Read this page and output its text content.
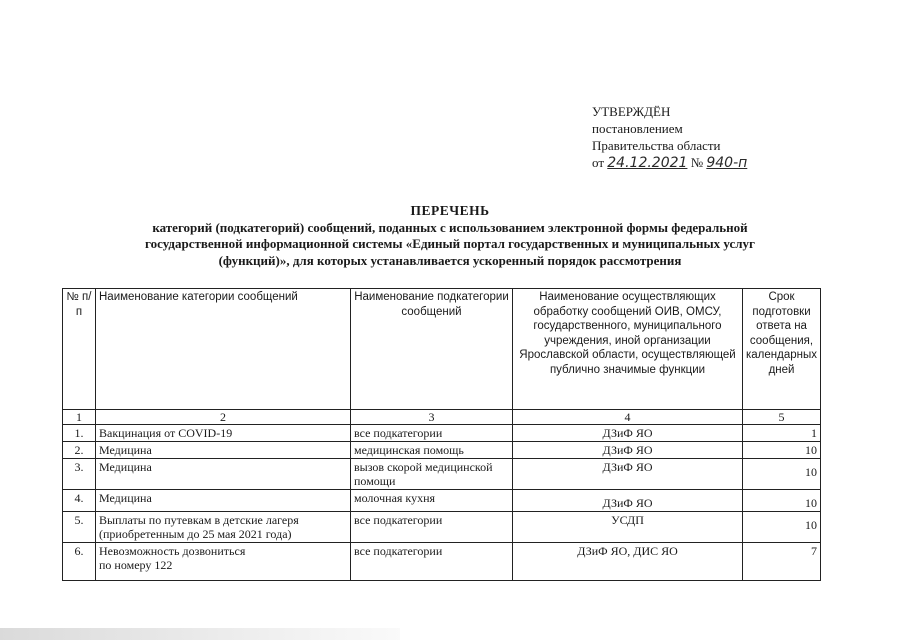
УТВЕРЖДЁН
постановлением
Правительства области
от 24.12.2021 № 940-п
ПЕРЕЧЕНЬ
категорий (подкатегорий) сообщений, поданных с использованием электронной формы федеральной
государственной информационной системы «Единый портал государственных и муниципальных услуг
(функций)», для которых устанавливается ускоренный порядок рассмотрения
№ п/п	Наименование категории сообщений	Наименование подкатегории сообщений	Наименование осуществляющих обработку сообщений ОИВ, ОМСУ, государственного, муниципального учреждения, иной организации Ярославской области, осуществляющей публично значимые функции	Срок подготовки ответа на сообщения, календарных дней
1	2	3	4	5
1.	Вакцинация от COVID-19	все подкатегории	ДЗиФ ЯО	1
2.	Медицина	медицинская помощь	ДЗиФ ЯО	10
3.	Медицина	вызов скорой медицинской помощи	ДЗиФ ЯО	10
4.	Медицина	молочная кухня	ДЗиФ ЯО	10
5.	Выплаты по путевкам в детские лагеря (приобретенным до 25 мая 2021 года)	все подкатегории	УСДП	10
6.	Невозможность дозвониться по номеру 122	все подкатегории	ДЗиФ ЯО, ДИС ЯО	7
